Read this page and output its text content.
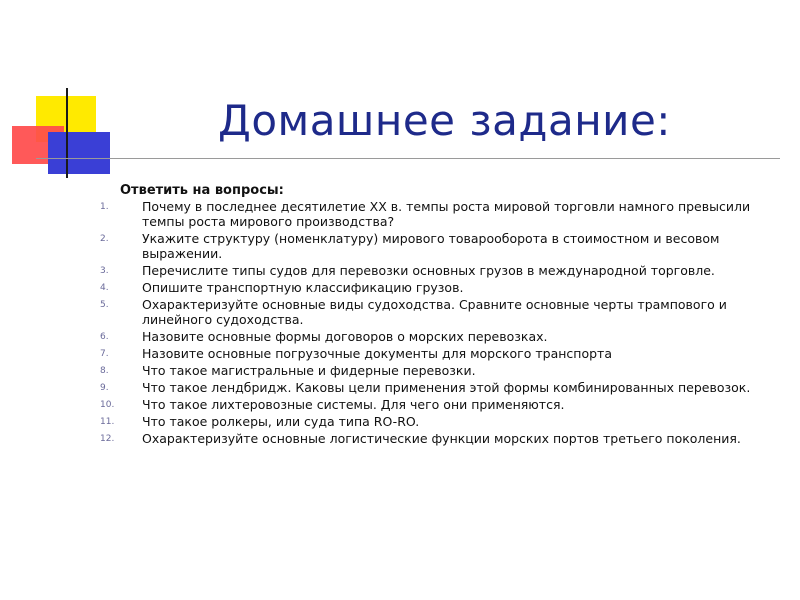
Домашнее задание:
Ответить на вопросы:
1.	Почему в последнее десятилетие XX в. темпы роста мировой торговли намного превысили темпы роста мирового производства?
2.	Укажите структуру (номенклатуру) мирового товарооборота в стоимостном и весовом выражении.
3.	Перечислите типы судов для перевозки основных грузов в международной торговле.
4.	Опишите транспортную классификацию грузов.
5.	Охарактеризуйте основные виды судоходства. Сравните основные черты трампового и линейного судоходства.
6.	Назовите основные формы договоров о морских перевозках.
7.	Назовите основные погрузочные документы для морского транспорта
8.	Что такое магистральные и фидерные перевозки.
9.	Что такое лендбридж. Каковы цели применения этой формы комбинированных перевозок.
10.	Что такое лихтеровозные системы. Для чего они применяются.
11.	Что такое ролкеры, или суда типа RO-RO.
12.	Охарактеризуйте основные логистические функции морских портов третьего поколения.
